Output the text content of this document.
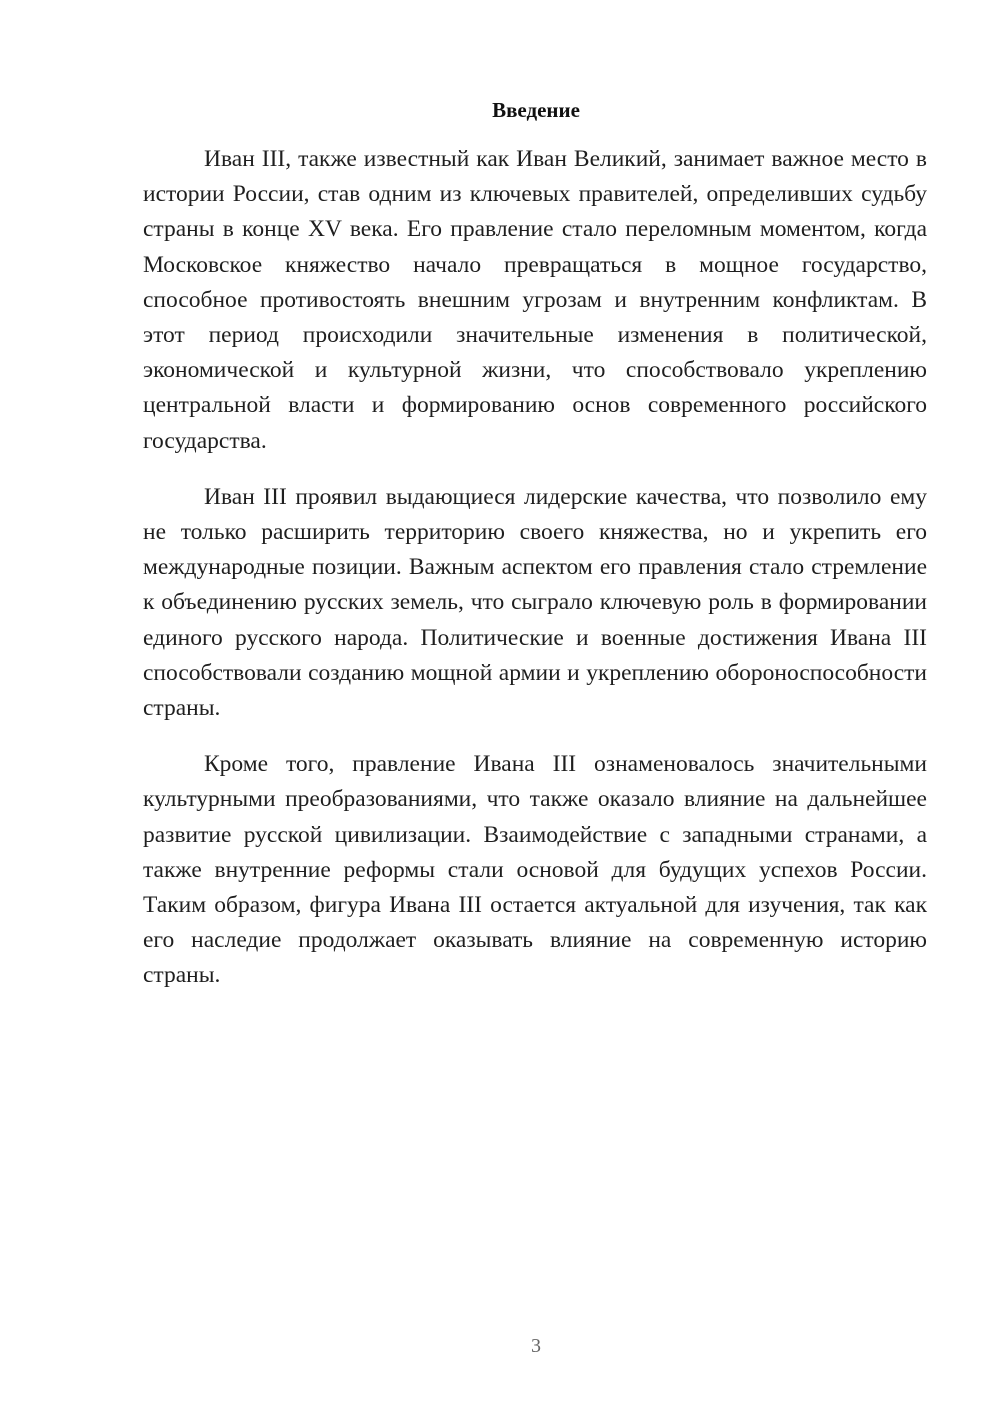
Введение

Иван III, также известный как Иван Великий, занимает важное место в истории России, став одним из ключевых правителей, определивших судьбу страны в конце XV века. Его правление стало переломным моментом, когда Московское княжество начало превращаться в мощное государство, способное противостоять внешним угрозам и внутренним конфликтам. В этот период происходили значительные изменения в политической, экономической и культурной жизни, что способствовало укреплению центральной власти и формированию основ современного российского государства.

Иван III проявил выдающиеся лидерские качества, что позволило ему не только расширить территорию своего княжества, но и укрепить его международные позиции. Важным аспектом его правления стало стремление к объединению русских земель, что сыграло ключевую роль в формировании единого русского народа. Политические и военные достижения Ивана III способствовали созданию мощной армии и укреплению обороноспособности страны.

Кроме того, правление Ивана III ознаменовалось значительными культурными преобразованиями, что также оказало влияние на дальнейшее развитие русской цивилизации. Взаимодействие с западными странами, а также внутренние реформы стали основой для будущих успехов России. Таким образом, фигура Ивана III остается актуальной для изучения, так как его наследие продолжает оказывать влияние на современную историю страны.

3
